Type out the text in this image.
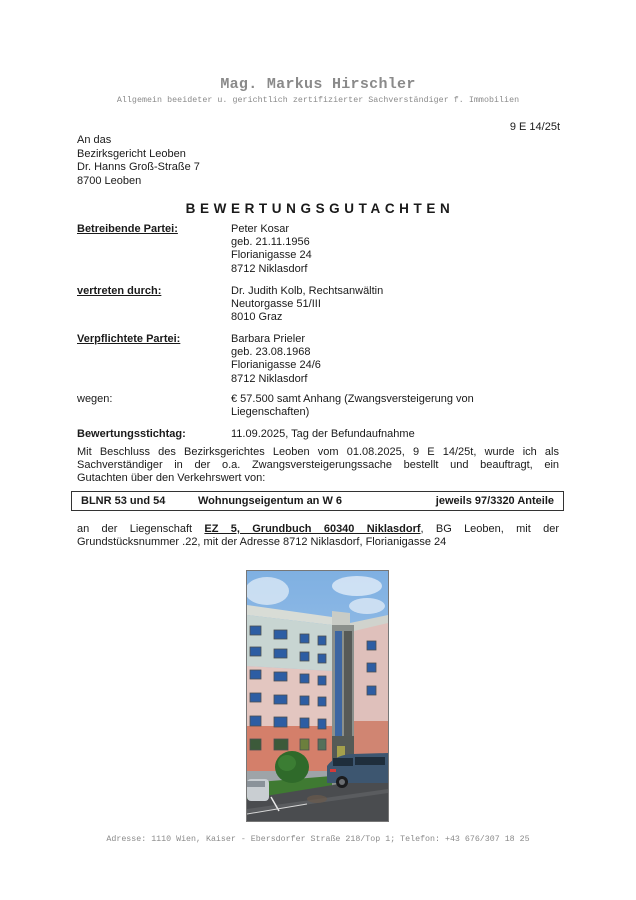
Mag. Markus Hirschler
Allgemein beeideter u. gerichtlich zertifizierter Sachverständiger f. Immobilien
9 E 14/25t
An das
Bezirksgericht Leoben
Dr. Hanns Groß-Straße 7
8700 Leoben
BEWERTUNGSGUTACHTEN
Betreibende Partei:	Peter Kosar
geb. 21.11.1956
Florianigasse 24
8712 Niklasdorf
vertreten durch:	Dr. Judith Kolb, Rechtsanwältin
Neutorgasse 51/III
8010 Graz
Verpflichtete Partei:	Barbara Prieler
geb. 23.08.1968
Florianigasse 24/6
8712 Niklasdorf
wegen:	€ 57.500 samt Anhang (Zwangsversteigerung von
Liegenschaften)
Bewertungsstichtag:	11.09.2025, Tag der Befundaufnahme
Mit Beschluss des Bezirksgerichtes Leoben vom 01.08.2025, 9 E 14/25t, wurde ich als
Sachverständiger in der o.a. Zwangsversteigerungssache bestellt und beauftragt, ein
Gutachten über den Verkehrswert von:
BLNR 53 und 54	Wohnungseigentum an W 6	jeweils 97/3320 Anteile
an der Liegenschaft EZ 5, Grundbuch 60340 Niklasdorf, BG Leoben, mit der
Grundstücksnummer .22, mit der Adresse 8712 Niklasdorf, Florianigasse 24
Adresse: 1110 Wien, Kaiser - Ebersdorfer Straße 218/Top 1; Telefon: +43 676/307 18 25
